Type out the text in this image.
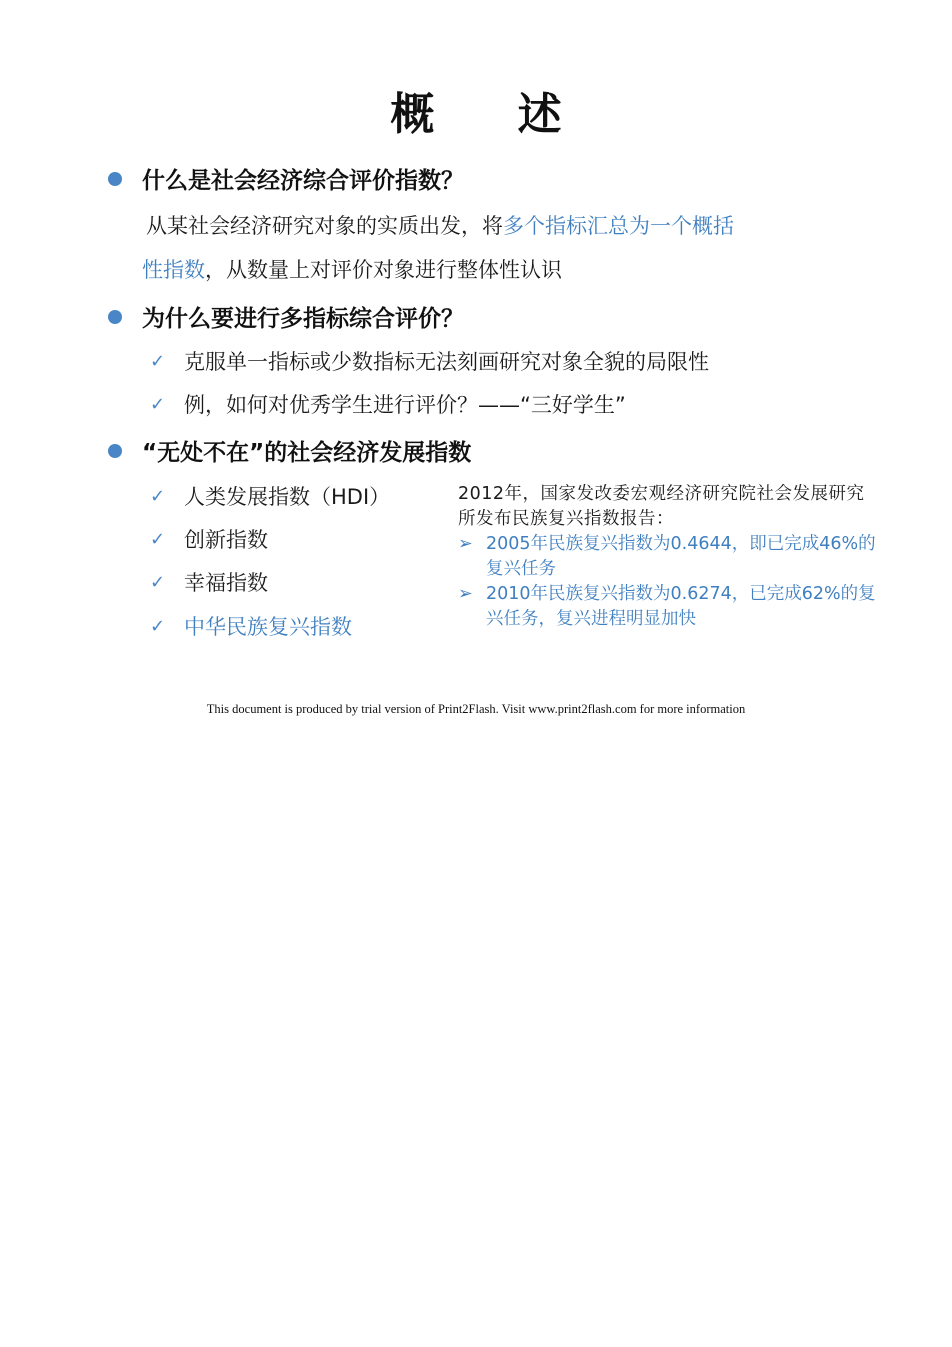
概 述
什么是社会经济综合评价指数？
从某社会经济研究对象的实质出发，将多个指标汇总为一个概括
性指数，从数量上对评价对象进行整体性认识
为什么要进行多指标综合评价？
✓ 克服单一指标或少数指标无法刻画研究对象全貌的局限性
✓ 例，如何对优秀学生进行评价？——“三好学生”
“无处不在”的社会经济发展指数
✓ 人类发展指数（HDI）
✓ 创新指数
✓ 幸福指数
✓ 中华民族复兴指数
2012年，国家发改委宏观经济研究院社会发展研究所发布民族复兴指数报告：
➢ 2005年民族复兴指数为0.4644，即已完成46%的复兴任务
➢ 2010年民族复兴指数为0.6274，已完成62%的复兴任务，复兴进程明显加快
This document is produced by trial version of Print2Flash. Visit www.print2flash.com for more information
